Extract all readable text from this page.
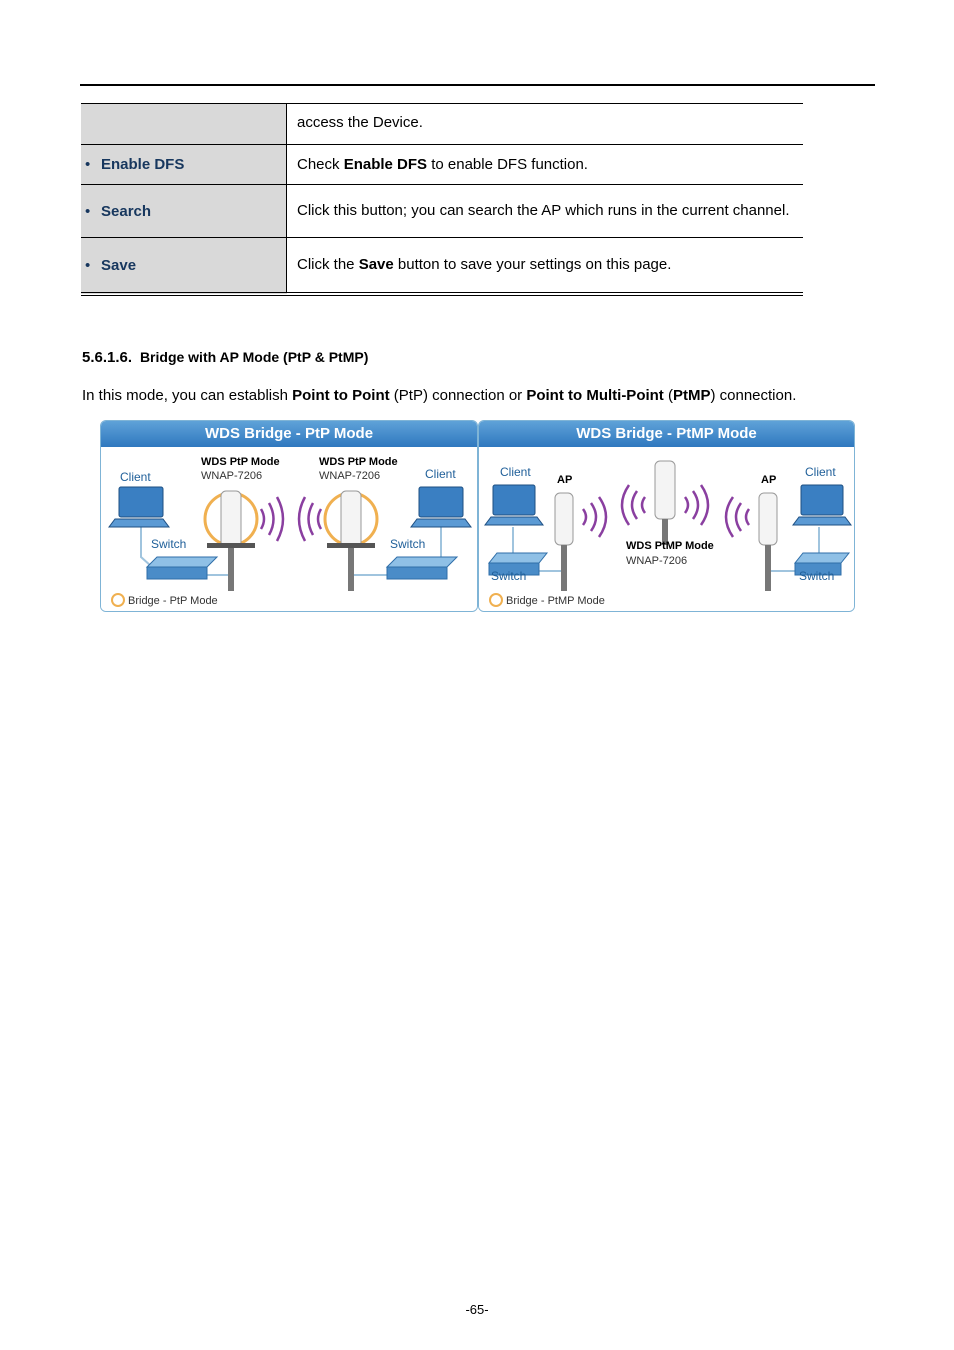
	access the Device.
• Enable DFS	Check Enable DFS to enable DFS function.
• Search	Click this button; you can search the AP which runs in the current channel.
• Save	Click the Save button to save your settings on this page.
5.6.1.6. Bridge with AP Mode (PtP & PtMP)
In this mode, you can establish Point to Point (PtP) connection or Point to Multi-Point (PtMP) connection.
WDS Bridge - PtP Mode
Client	Client
Switch	Switch
WDS PtP Mode
WNAP-7206
WDS PtP Mode
WNAP-7206
Bridge - PtP Mode
WDS Bridge - PtMP Mode
Client	Client
AP	AP
Switch	Switch
WDS PtMP Mode
WNAP-7206
Bridge - PtMP Mode
-65-
